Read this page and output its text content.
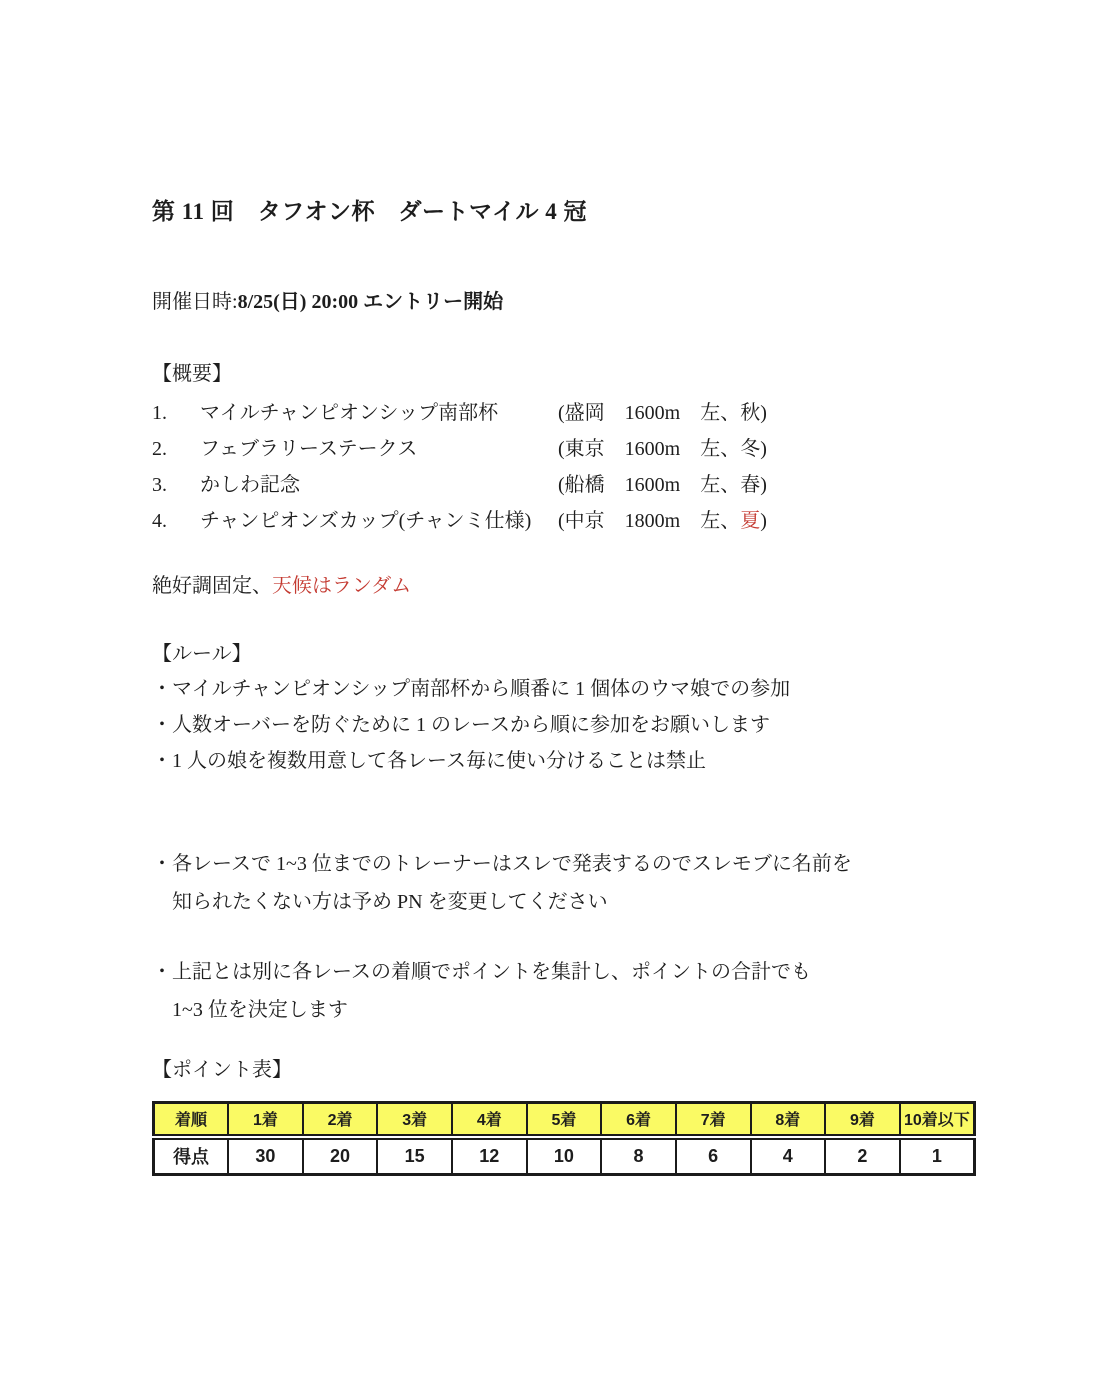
第 11 回　タフオン杯　ダートマイル 4 冠
開催日時:8/25(日) 20:00 エントリー開始
【概要】
1.	マイルチャンピオンシップ南部杯	(盛岡　1600m　左、秋)
2.	フェブラリーステークス	(東京　1600m　左、冬)
3.	かしわ記念	(船橋　1600m　左、春)
4.	チャンピオンズカップ(チャンミ仕様)	(中京　1800m　左、夏)
絶好調固定、天候はランダム
【ルール】
・マイルチャンピオンシップ南部杯から順番に 1 個体のウマ娘での参加
・人数オーバーを防ぐために 1 のレースから順に参加をお願いします
・1 人の娘を複数用意して各レース毎に使い分けることは禁止
・各レースで 1~3 位までのトレーナーはスレで発表するのでスレモブに名前を
知られたくない方は予め PN を変更してください
・上記とは別に各レースの着順でポイントを集計し、ポイントの合計でも
1~3 位を決定します
【ポイント表】
着順	1着	2着	3着	4着	5着	6着	7着	8着	9着	10着以下
得点	30	20	15	12	10	8	6	4	2	1
